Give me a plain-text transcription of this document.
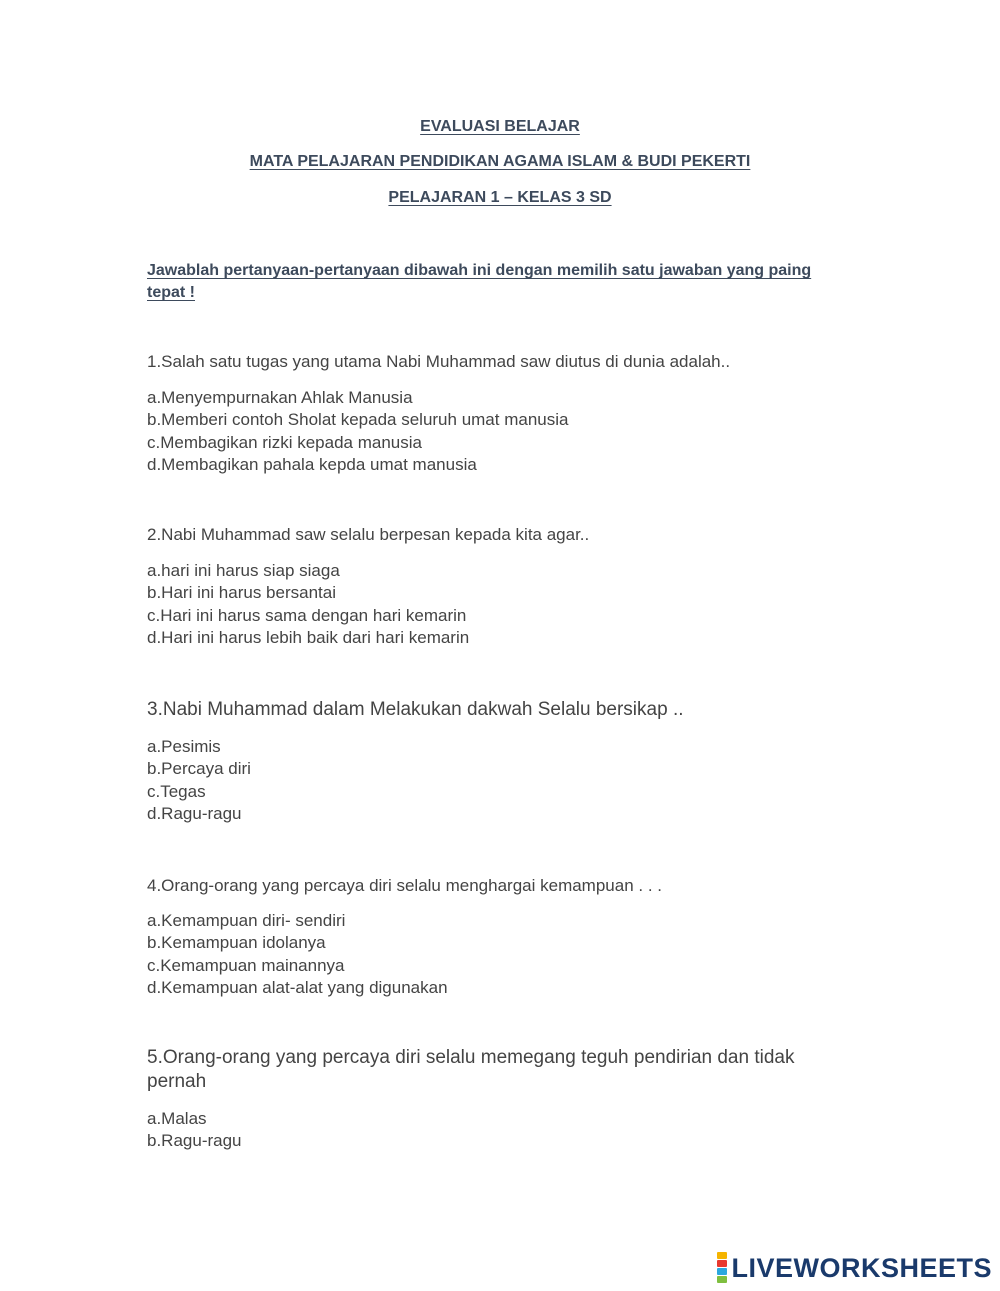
EVALUASI BELAJAR
MATA PELAJARAN PENDIDIKAN AGAMA ISLAM & BUDI PEKERTI
PELAJARAN 1 – KELAS 3 SD

Jawablah pertanyaan-pertanyaan dibawah ini dengan memilih satu jawaban yang paing tepat !

1.Salah satu tugas yang utama Nabi Muhammad saw diutus di dunia adalah..

a.Menyempurnakan Ahlak Manusia
b.Memberi contoh Sholat kepada seluruh umat manusia
c.Membagikan rizki kepada manusia
d.Membagikan pahala kepda umat manusia

2.Nabi Muhammad saw selalu berpesan kepada kita agar..

a.hari ini harus siap siaga
b.Hari ini harus bersantai
c.Hari ini harus sama dengan hari kemarin
d.Hari ini harus lebih baik dari hari kemarin

3.Nabi Muhammad dalam Melakukan dakwah Selalu bersikap ..

a.Pesimis
b.Percaya diri
c.Tegas
d.Ragu-ragu

4.Orang-orang yang percaya diri selalu menghargai kemampuan . . .

a.Kemampuan diri- sendiri
b.Kemampuan idolanya
c.Kemampuan mainannya
d.Kemampuan alat-alat yang digunakan

5.Orang-orang yang percaya diri selalu memegang teguh pendirian dan tidak pernah

a.Malas
b.Ragu-ragu
LIVEWORKSHEETS
